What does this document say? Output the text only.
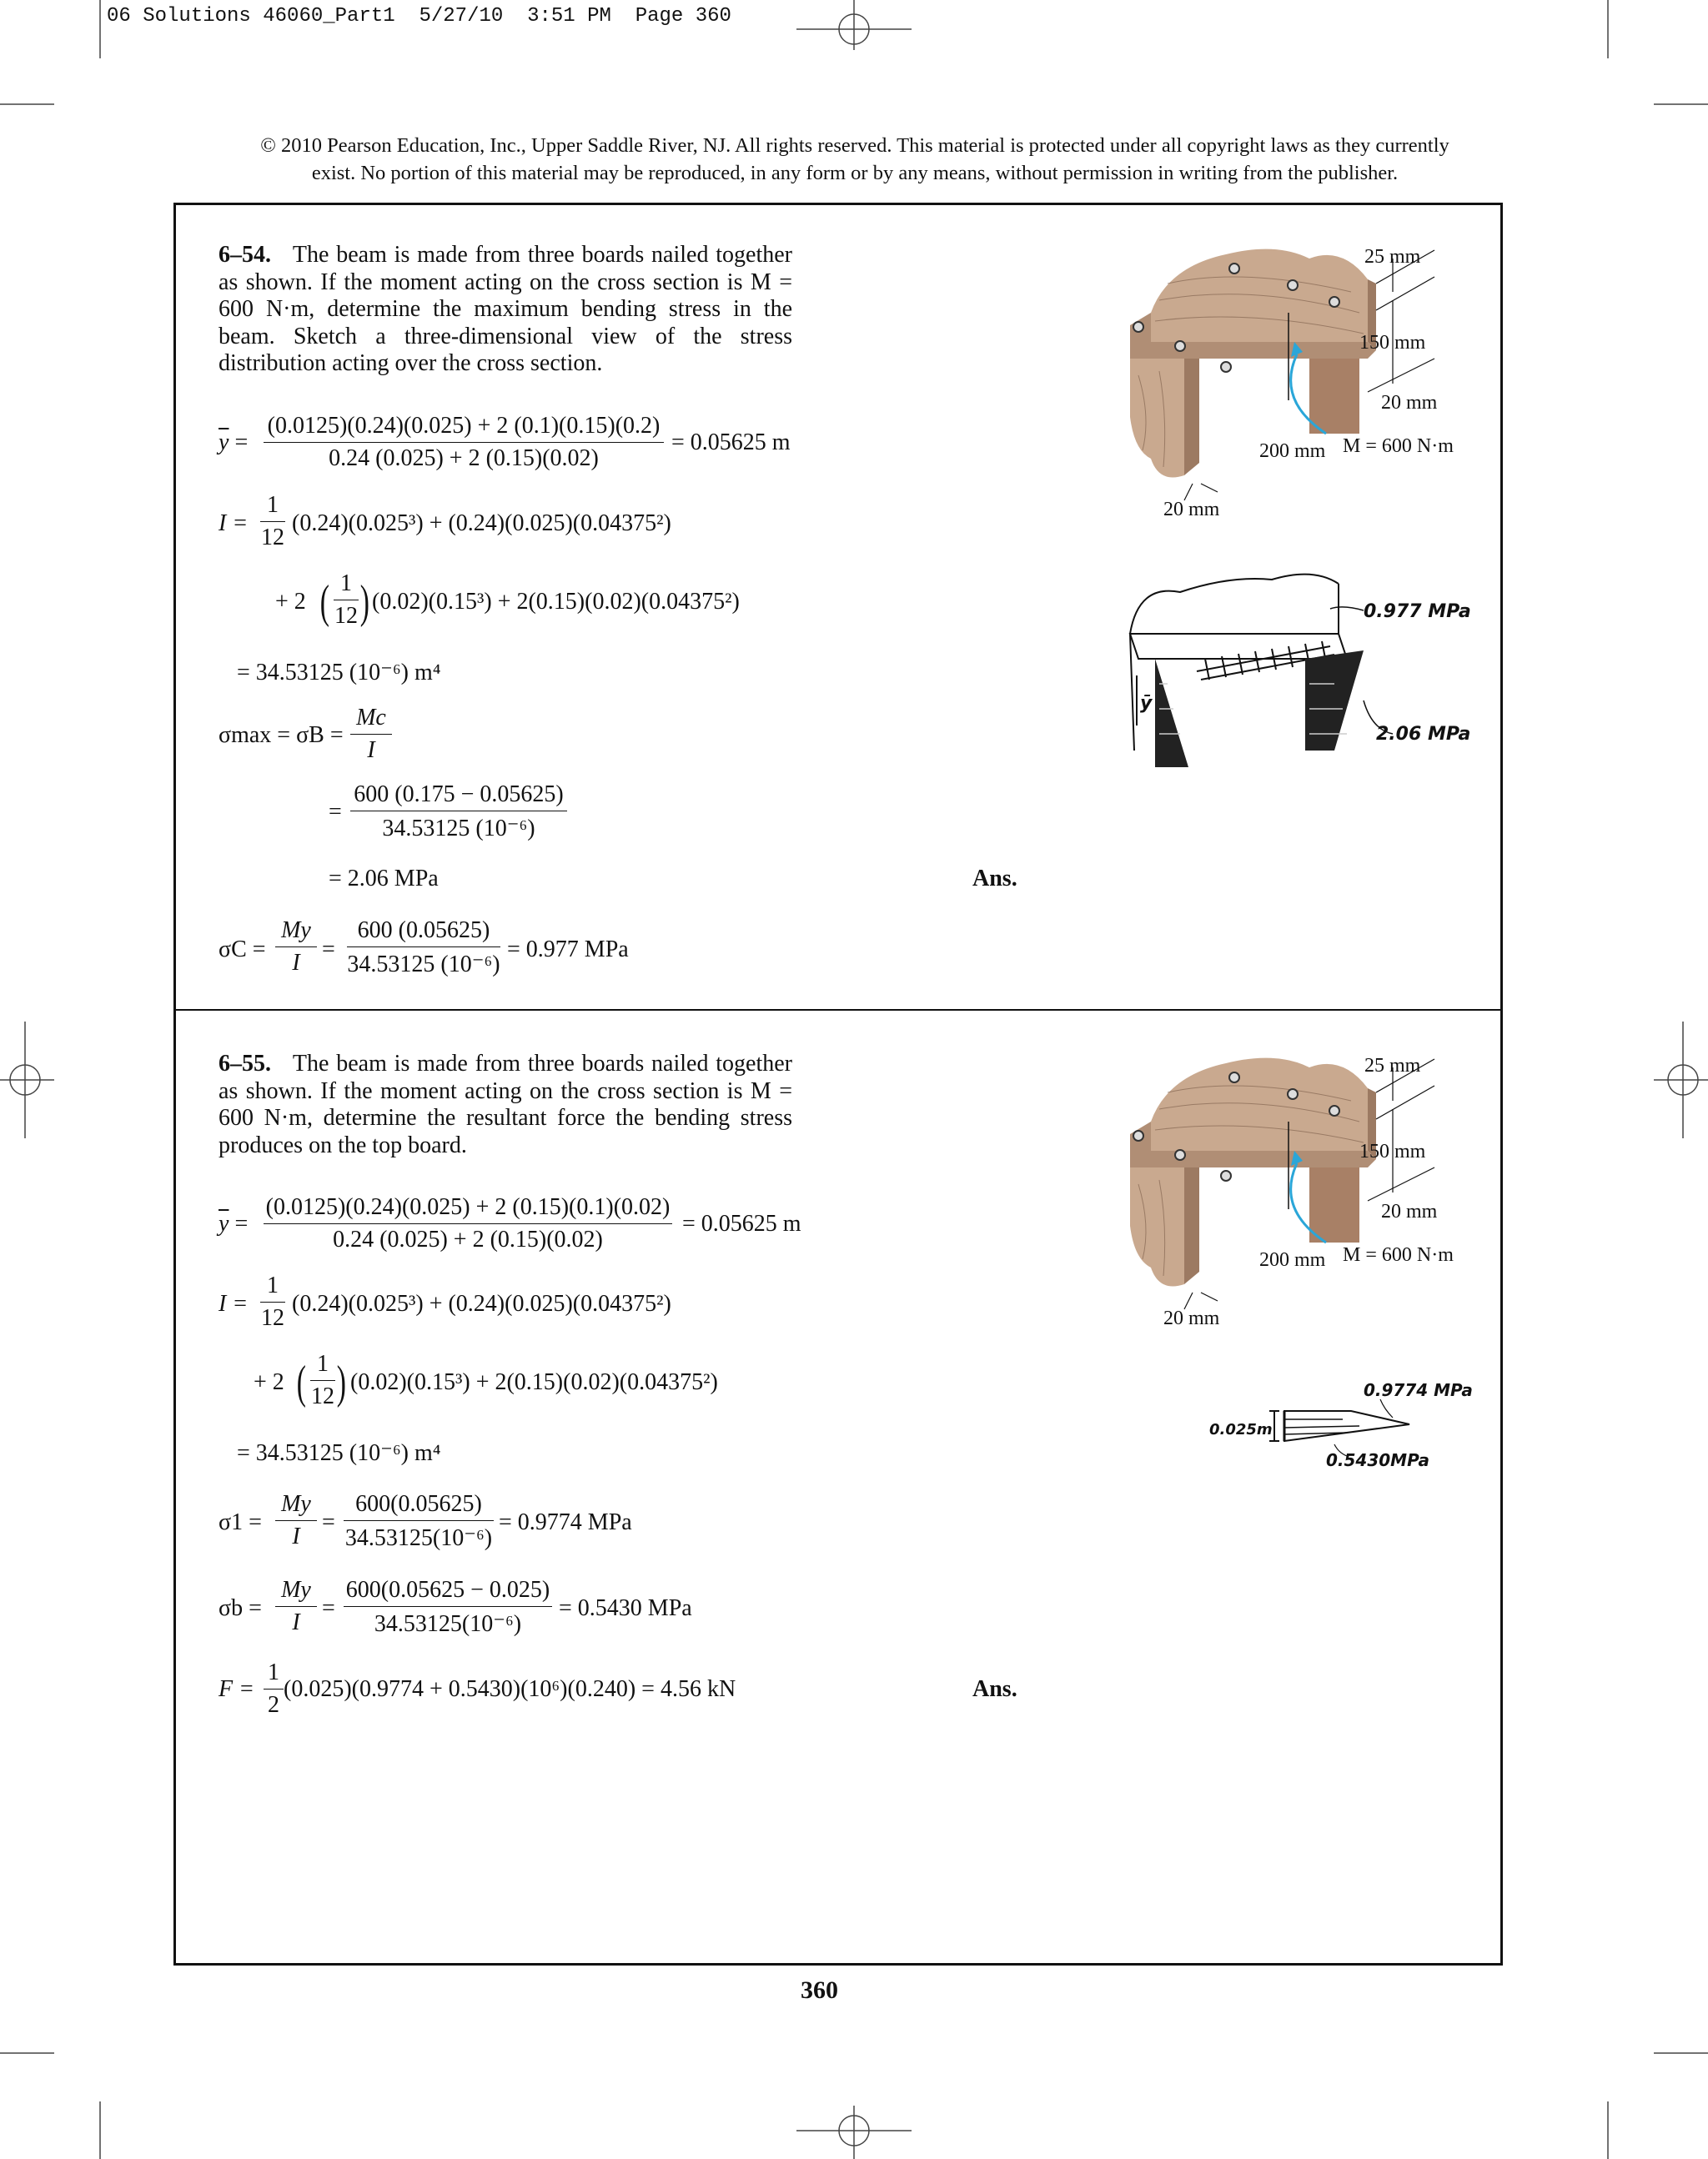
06 Solutions 46060_Part1  5/27/10  3:51 PM  Page 360
© 2010 Pearson Education, Inc., Upper Saddle River, NJ. All rights reserved. This material is protected under all copyright laws as they currently
exist. No portion of this material may be reproduced, in any form or by any means, without permission in writing from the publisher.
6–54. The beam is made from three boards nailed together as shown. If the moment acting on the cross section is M = 600 N·m, determine the maximum bending stress in the beam. Sketch a three-dimensional view of the stress distribution acting over the cross section.
$\overline{y}$ =
(0.0125)(0.24)(0.025) + 2 (0.1)(0.15)(0.2)
0.24 (0.025) + 2 (0.15)(0.02)
= 0.05625 m
I =
1
12
(0.24)(0.025³) + (0.24)(0.025)(0.04375²)
+ 2 ( 1
12 ) (0.02)(0.15³) + 2(0.15)(0.02)(0.04375²)
= 34.53125 (10⁻⁶) m⁴
σmax = σB =
Mc
I
=
600 (0.175 − 0.05625)
34.53125 (10⁻⁶)
= 2.06 MPa	Ans.
σC =
My
I
=
600 (0.05625)
34.53125 (10⁻⁶)
= 0.977 MPa
25 mm
150 mm
20 mm
200 mm M = 600 N·m
20 mm
ȳ
0.977 MPa
2.06 MPa
6–55. The beam is made from three boards nailed together as shown. If the moment acting on the cross section is M = 600 N·m, determine the resultant force the bending stress produces on the top board.
$\overline{y}$ =
(0.0125)(0.24)(0.025) + 2 (0.15)(0.1)(0.02)
0.24 (0.025) + 2 (0.15)(0.02)
= 0.05625 m
I =
1
12
(0.24)(0.025³) + (0.24)(0.025)(0.04375²)
+ 2 ( 1
12 ) (0.02)(0.15³) + 2(0.15)(0.02)(0.04375²)
= 34.53125 (10⁻⁶) m⁴
σ1 =
My
I
=
600(0.05625)
34.53125(10⁻⁶)
= 0.9774 MPa
σb =
My
I
=
600(0.05625 − 0.025)
34.53125(10⁻⁶)
= 0.5430 MPa
F =
1
2
(0.025)(0.9774 + 0.5430)(10⁶)(0.240) = 4.56 kN	Ans.
25 mm
150 mm
20 mm
200 mm M = 600 N·m
20 mm
0.025m
0.9774 MPa
0.5430MPa
360
